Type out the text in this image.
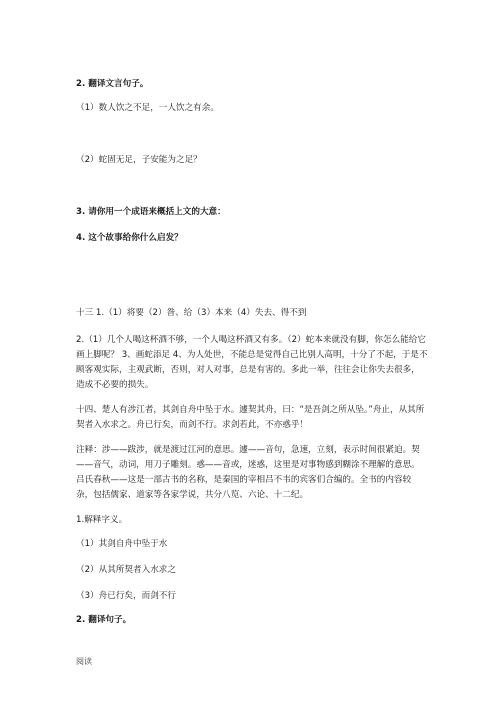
2. 翻译文言句子。

（1）数人饮之不足，一人饮之有余。

（2）蛇固无足，子安能为之足？

3. 请你用一个成语来概括上文的大意：

4. 这个故事给你什么启发？

十三 1.（1）将要（2）昝、给（3）本来（4）失去、得不到

2.（1）几个人喝这杯酒不够，一个人喝这杯酒又有多。（2）蛇本来就没有脚，你怎么能给它画上脚呢？ 3、画蛇添足 4、为人处世，不能总是觉得自己比别人高明，十分了不起，于是不顾客观实际，主观武断，否则，对人对事，总是有害的。多此一举，往往会让你失去很多，造成不必要的损失。

十四、楚人有涉江者，其剑自舟中坠于水。遽契其舟，曰：“是吾剑之所从坠。”舟止，从其所契者入水求之。舟已行矣，而剑不行。求剑若此，不亦惑乎！

注释：涉——跋涉，就是渡过江河的意思。遽——音句，急速，立刻，表示时间很紧迫。契——音气，动词，用刀子雕刻。惑——音或，迷惑，这里是对事物感到糊涂不理解的意思。吕氏春秋——这是一部古书的名称，是秦国的宰相吕不韦的宾客们合编的。全书的内容较杂，包括儒家、道家等各家学说，共分八览、六论、十二纪。

1.解释字义。

（1）其剑自舟中坠于水

（2）从其所契者入水求之

（3）舟已行矣，而剑不行

2. 翻译句子。

阅读
